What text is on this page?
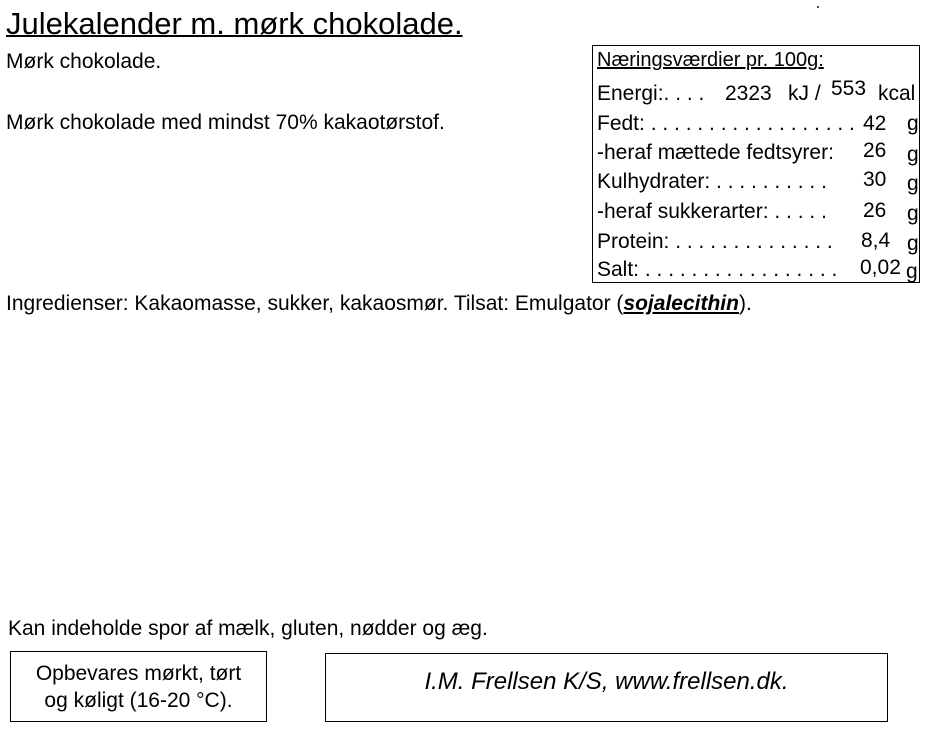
Julekalender m. mørk chokolade.
Mørk chokolade.
Mørk chokolade med mindst 70% kakaotørstof.
Næringsværdier pr. 100g:
Energi:. . . . 2323 kJ / 553 kcal
Fedt: . . . . . . . . . . . . . . . . . . 42 g
-heraf mættede fedtsyrer: 26 g
Kulhydrater: . . . . . . . . . . 30 g
-heraf sukkerarter: . . . . . 26 g
Protein: . . . . . . . . . . . . . . 8,4 g
Salt: . . . . . . . . . . . . . . . . . 0,02 g
Ingredienser: Kakaomasse, sukker, kakaosmør. Tilsat: Emulgator (sojalecithin).
Kan indeholde spor af mælk, gluten, nødder og æg.
Opbevares mørkt, tørt
og køligt (16-20 °C).
I.M. Frellsen K/S, www.frellsen.dk.
